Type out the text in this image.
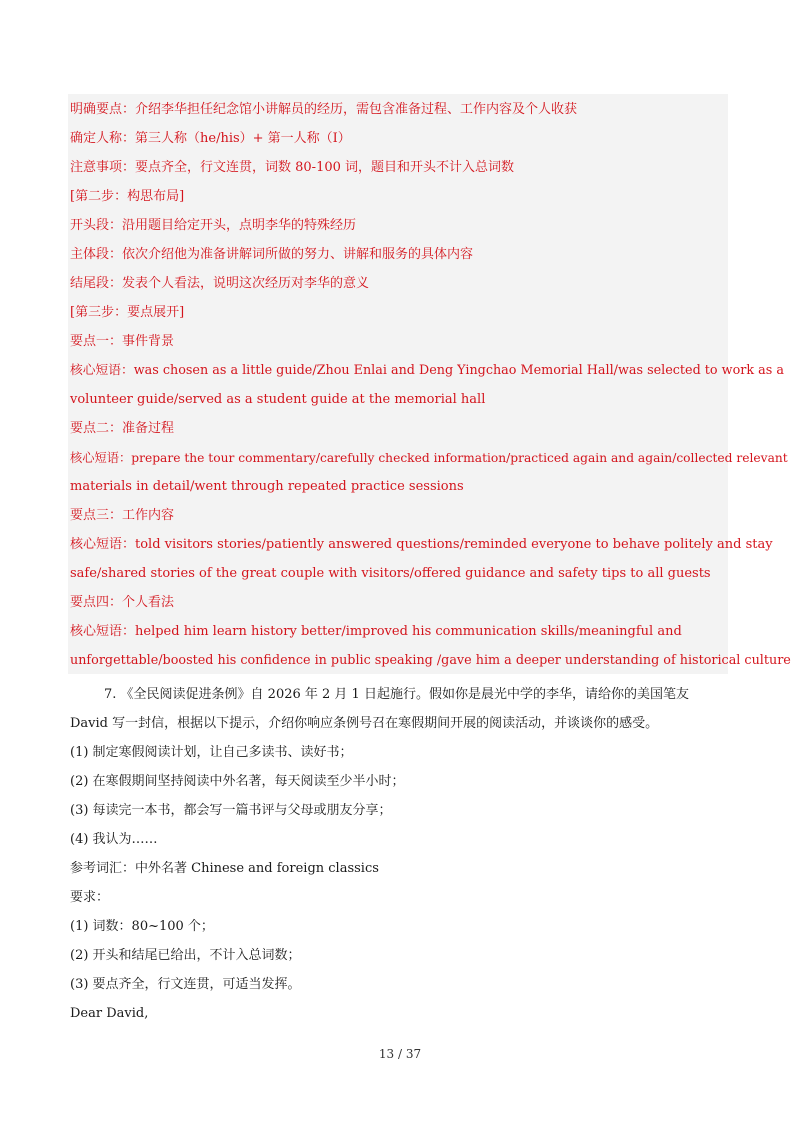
明确要点：介绍李华担任纪念馆小讲解员的经历，需包含准备过程、工作内容及个人收获
确定人称：第三人称（he/his）+ 第一人称（I）
注意事项：要点齐全，行文连贯，词数 80-100 词，题目和开头不计入总词数
[第二步：构思布局]
开头段：沿用题目给定开头，点明李华的特殊经历
主体段：依次介绍他为准备讲解词所做的努力、讲解和服务的具体内容
结尾段：发表个人看法，说明这次经历对李华的意义
[第三步：要点展开]
要点一：事件背景
核心短语：was chosen as a little guide/Zhou Enlai and Deng Yingchao Memorial Hall/was selected to work as a
volunteer guide/served as a student guide at the memorial hall
要点二：准备过程
核心短语：prepare the tour commentary/carefully checked information/practiced again and again/collected relevant
materials in detail/went through repeated practice sessions
要点三：工作内容
核心短语：told visitors stories/patiently answered questions/reminded everyone to behave politely and stay
safe/shared stories of the great couple with visitors/offered guidance and safety tips to all guests
要点四：个人看法
核心短语：helped him learn history better/improved his communication skills/meaningful and
unforgettable/boosted his confidence in public speaking /gave him a deeper understanding of historical culture
7. 《全民阅读促进条例》自 2026 年 2 月 1 日起施行。假如你是晨光中学的李华，请给你的美国笔友
David 写一封信，根据以下提示，介绍你响应条例号召在寒假期间开展的阅读活动，并谈谈你的感受。
(1) 制定寒假阅读计划，让自己多读书、读好书；
(2) 在寒假期间坚持阅读中外名著，每天阅读至少半小时；
(3) 每读完一本书，都会写一篇书评与父母或朋友分享；
(4) 我认为……
参考词汇：中外名著 Chinese and foreign classics
要求：
(1) 词数：80~100 个；
(2) 开头和结尾已给出，不计入总词数；
(3) 要点齐全，行文连贯，可适当发挥。
Dear David,
13 / 37
